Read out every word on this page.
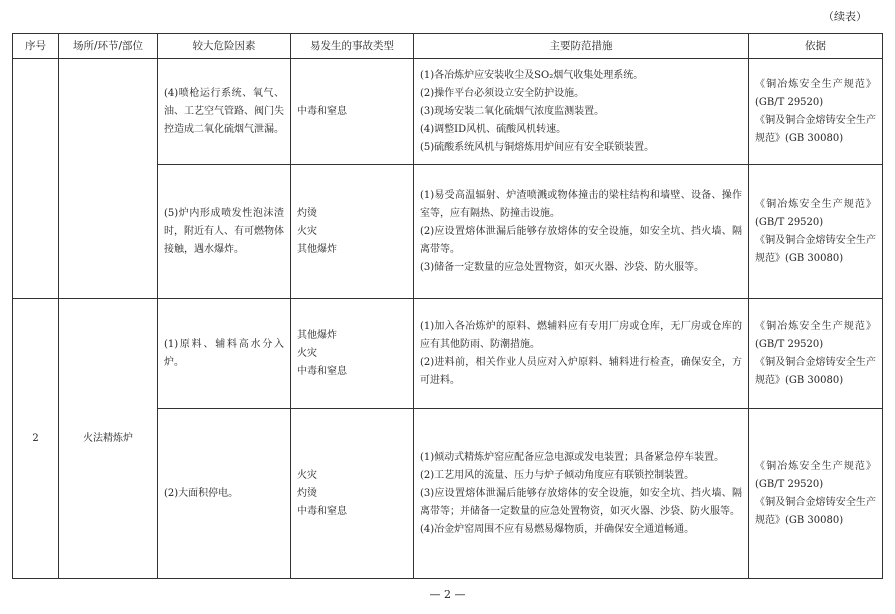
（续表）
序号	场所/环节/部位	较大危险因素	易发生的事故类型	主要防范措施	依据
		(4)喷枪运行系统、氧气、油、工艺空气管路、阀门失控造成二氧化硫烟气泄漏。	中毒和窒息	(1)各冶炼炉应安装收尘及SO₂烟气收集处理系统。
(2)操作平台必须设立安全防护设施。
(3)现场安装二氧化硫烟气浓度监测装置。
(4)调整ID风机、硫酸风机转速。
(5)硫酸系统风机与铜熔炼用炉间应有安全联锁装置。	《铜冶炼安全生产规范》(GB/T 29520)
《铜及铜合金熔铸安全生产规范》(GB 30080)

		(5)炉内形成喷发性泡沫渣时，附近有人、有可燃物体接触，遇水爆炸。	灼烫
火灾
其他爆炸	(1)易受高温辐射、炉渣喷溅或物体撞击的梁柱结构和墙壁、设备、操作室等，应有隔热、防撞击设施。
(2)应设置熔体泄漏后能够存放熔体的安全设施，如安全坑、挡火墙、隔离带等。
(3)储备一定数量的应急处置物资，如灭火器、沙袋、防火服等。	《铜冶炼安全生产规范》(GB/T 29520)
《铜及铜合金熔铸安全生产规范》(GB 30080)

2	火法精炼炉	(1)原料、辅料高水分入炉。	其他爆炸
火灾
中毒和窒息	(1)加入各冶炼炉的原料、燃辅料应有专用厂房或仓库，无厂房或仓库的应有其他防雨、防潮措施。
(2)进料前，相关作业人员应对入炉原料、辅料进行检查，确保安全，方可进料。	《铜冶炼安全生产规范》(GB/T 29520)
《铜及铜合金熔铸安全生产规范》(GB 30080)

		(2)大面积停电。	火灾
灼烫
中毒和窒息	(1)倾动式精炼炉窑应配备应急电源或发电装置；具备紧急停车装置。
(2)工艺用风的流量、压力与炉子倾动角度应有联锁控制装置。
(3)应设置熔体泄漏后能够存放熔体的安全设施，如安全坑、挡火墙、隔离带等；并储备一定数量的应急处置物资，如灭火器、沙袋、防火服等。
(4)冶金炉窑周围不应有易燃易爆物质，并确保安全通道畅通。	《铜冶炼安全生产规范》(GB/T 29520)
《铜及铜合金熔铸安全生产规范》(GB 30080)
— 2 —
